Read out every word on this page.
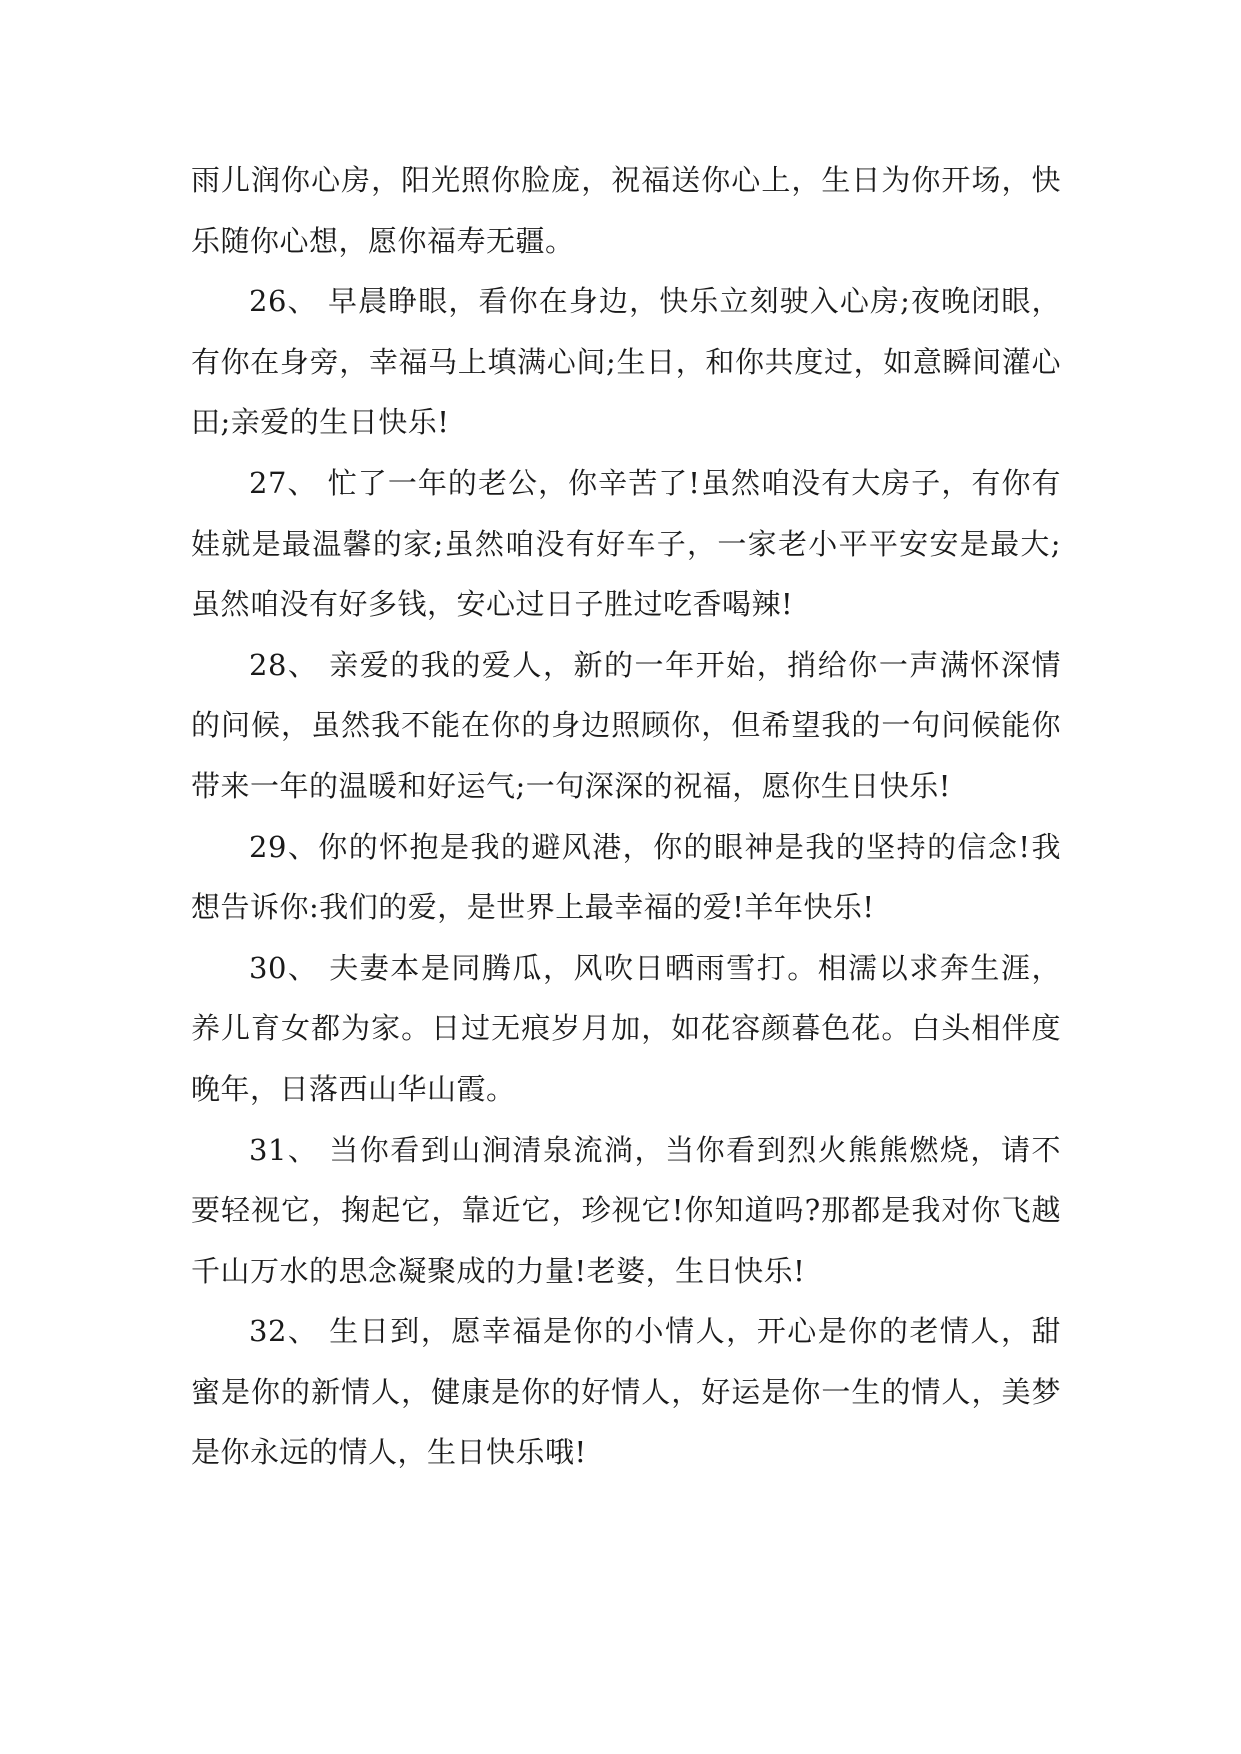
雨儿润你心房，阳光照你脸庞，祝福送你心上，生日为你开场，快乐随你心想，愿你福寿无疆。

26、 早晨睁眼，看你在身边，快乐立刻驶入心房;夜晚闭眼，有你在身旁，幸福马上填满心间;生日，和你共度过，如意瞬间灌心田;亲爱的生日快乐!

27、 忙了一年的老公，你辛苦了!虽然咱没有大房子，有你有娃就是最温馨的家;虽然咱没有好车子，一家老小平平安安是最大;虽然咱没有好多钱，安心过日子胜过吃香喝辣!

28、 亲爱的我的爱人，新的一年开始，捎给你一声满怀深情的问候，虽然我不能在你的身边照顾你，但希望我的一句问候能你带来一年的温暖和好运气;一句深深的祝福，愿你生日快乐!

29、你的怀抱是我的避风港，你的眼神是我的坚持的信念!我想告诉你:我们的爱，是世界上最幸福的爱!羊年快乐!

30、 夫妻本是同腾瓜，风吹日晒雨雪打。相濡以求奔生涯，养儿育女都为家。日过无痕岁月加，如花容颜暮色花。白头相伴度晚年，日落西山华山霞。

31、 当你看到山涧清泉流淌，当你看到烈火熊熊燃烧，请不要轻视它，掬起它，靠近它，珍视它!你知道吗?那都是我对你飞越千山万水的思念凝聚成的力量!老婆，生日快乐!

32、 生日到，愿幸福是你的小情人，开心是你的老情人，甜蜜是你的新情人，健康是你的好情人，好运是你一生的情人，美梦是你永远的情人，生日快乐哦!
